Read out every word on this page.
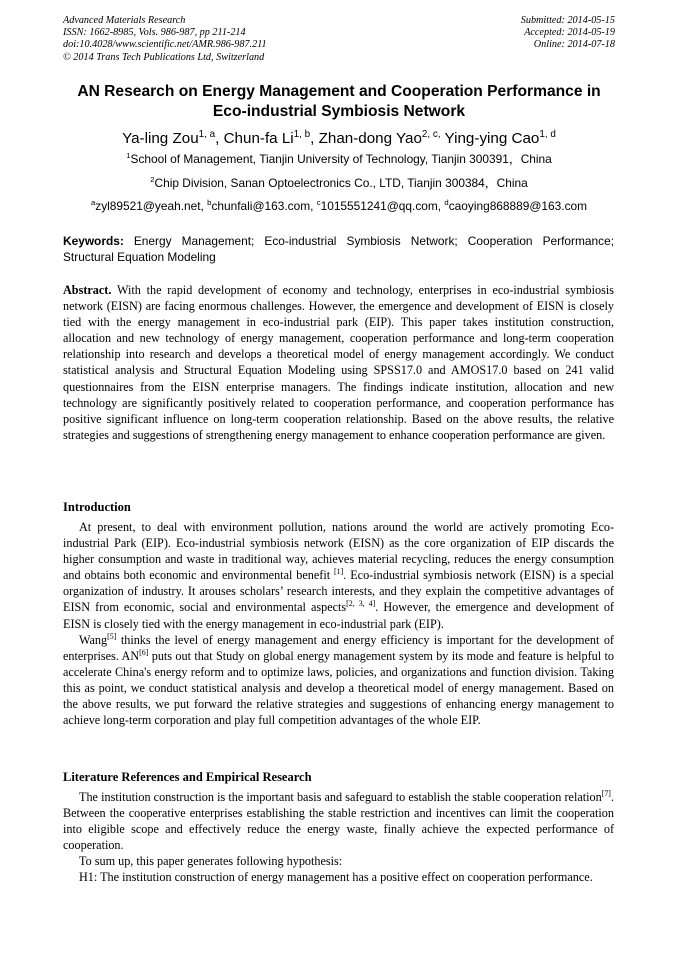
Advanced Materials Research
ISSN: 1662-8985, Vols. 986-987, pp 211-214
doi:10.4028/www.scientific.net/AMR.986-987.211
© 2014 Trans Tech Publications Ltd, Switzerland
Submitted: 2014-05-15
Accepted: 2014-05-19
Online: 2014-07-18
AN Research on Energy Management and Cooperation Performance in
Eco-industrial Symbiosis Network
Ya-ling Zou$^{1, a}$, Chun-fa Li$^{1, b}$, Zhan-dong Yao$^{2, c,}$ Ying-ying Cao$^{1, d}$
$^1$School of Management, Tianjin University of Technology, Tianjin 300391，China
$^2$Chip Division, Sanan Optoelectronics Co., LTD, Tianjin 300384，China
$^a$zyl89521@yeah.net, $^b$chunfali@163.com, $^c$1015551241@qq.com, $^d$caoying868889@163.com
Keywords: Energy Management; Eco-industrial Symbiosis Network; Cooperation Performance; Structural Equation Modeling

Abstract. With the rapid development of economy and technology, enterprises in eco-industrial symbiosis network (EISN) are facing enormous challenges. However, the emergence and development of EISN is closely tied with the energy management in eco-industrial park (EIP). This paper takes institution construction, allocation and new technology of energy management, cooperation performance and long-term cooperation relationship into research and develops a theoretical model of energy management accordingly. We conduct statistical analysis and Structural Equation Modeling using SPSS17.0 and AMOS17.0 based on 241 valid questionnaires from the EISN enterprise managers. The findings indicate institution, allocation and new technology are significantly positively related to cooperation performance, and cooperation performance has positive significant influence on long-term cooperation relationship. Based on the above results, the relative strategies and suggestions of strengthening energy management to enhance cooperation performance are given.

Introduction

At present, to deal with environment pollution, nations around the world are actively promoting Eco-industrial Park (EIP). Eco-industrial symbiosis network (EISN) as the core organization of EIP discards the higher consumption and waste in traditional way, achieves material recycling, reduces the energy consumption and obtains both economic and environmental benefit [1]. Eco-industrial symbiosis network (EISN) is a special organization of industry. It arouses scholars’ research interests, and they explain the competitive advantages of EISN from economic, social and environmental aspects[2, 3, 4]. However, the emergence and development of EISN is closely tied with the energy management in eco-industrial park (EIP).

Wang[5] thinks the level of energy management and energy efficiency is important for the development of enterprises. AN[6] puts out that Study on global energy management system by its mode and feature is helpful to accelerate China's energy reform and to optimize laws, policies, and organizations and function division. Taking this as point, we conduct statistical analysis and develop a theoretical model of energy management. Based on the above results, we put forward the relative strategies and suggestions of enhancing energy management to achieve long-term corporation and play full competition advantages of the whole EIP.

Literature References and Empirical Research

The institution construction is the important basis and safeguard to establish the stable cooperation relation[7]. Between the cooperative enterprises establishing the stable restriction and incentives can limit the cooperation into eligible scope and effectively reduce the energy waste, finally achieve the expected performance of cooperation.

To sum up, this paper generates following hypothesis:

H1: The institution construction of energy management has a positive effect on cooperation performance.
